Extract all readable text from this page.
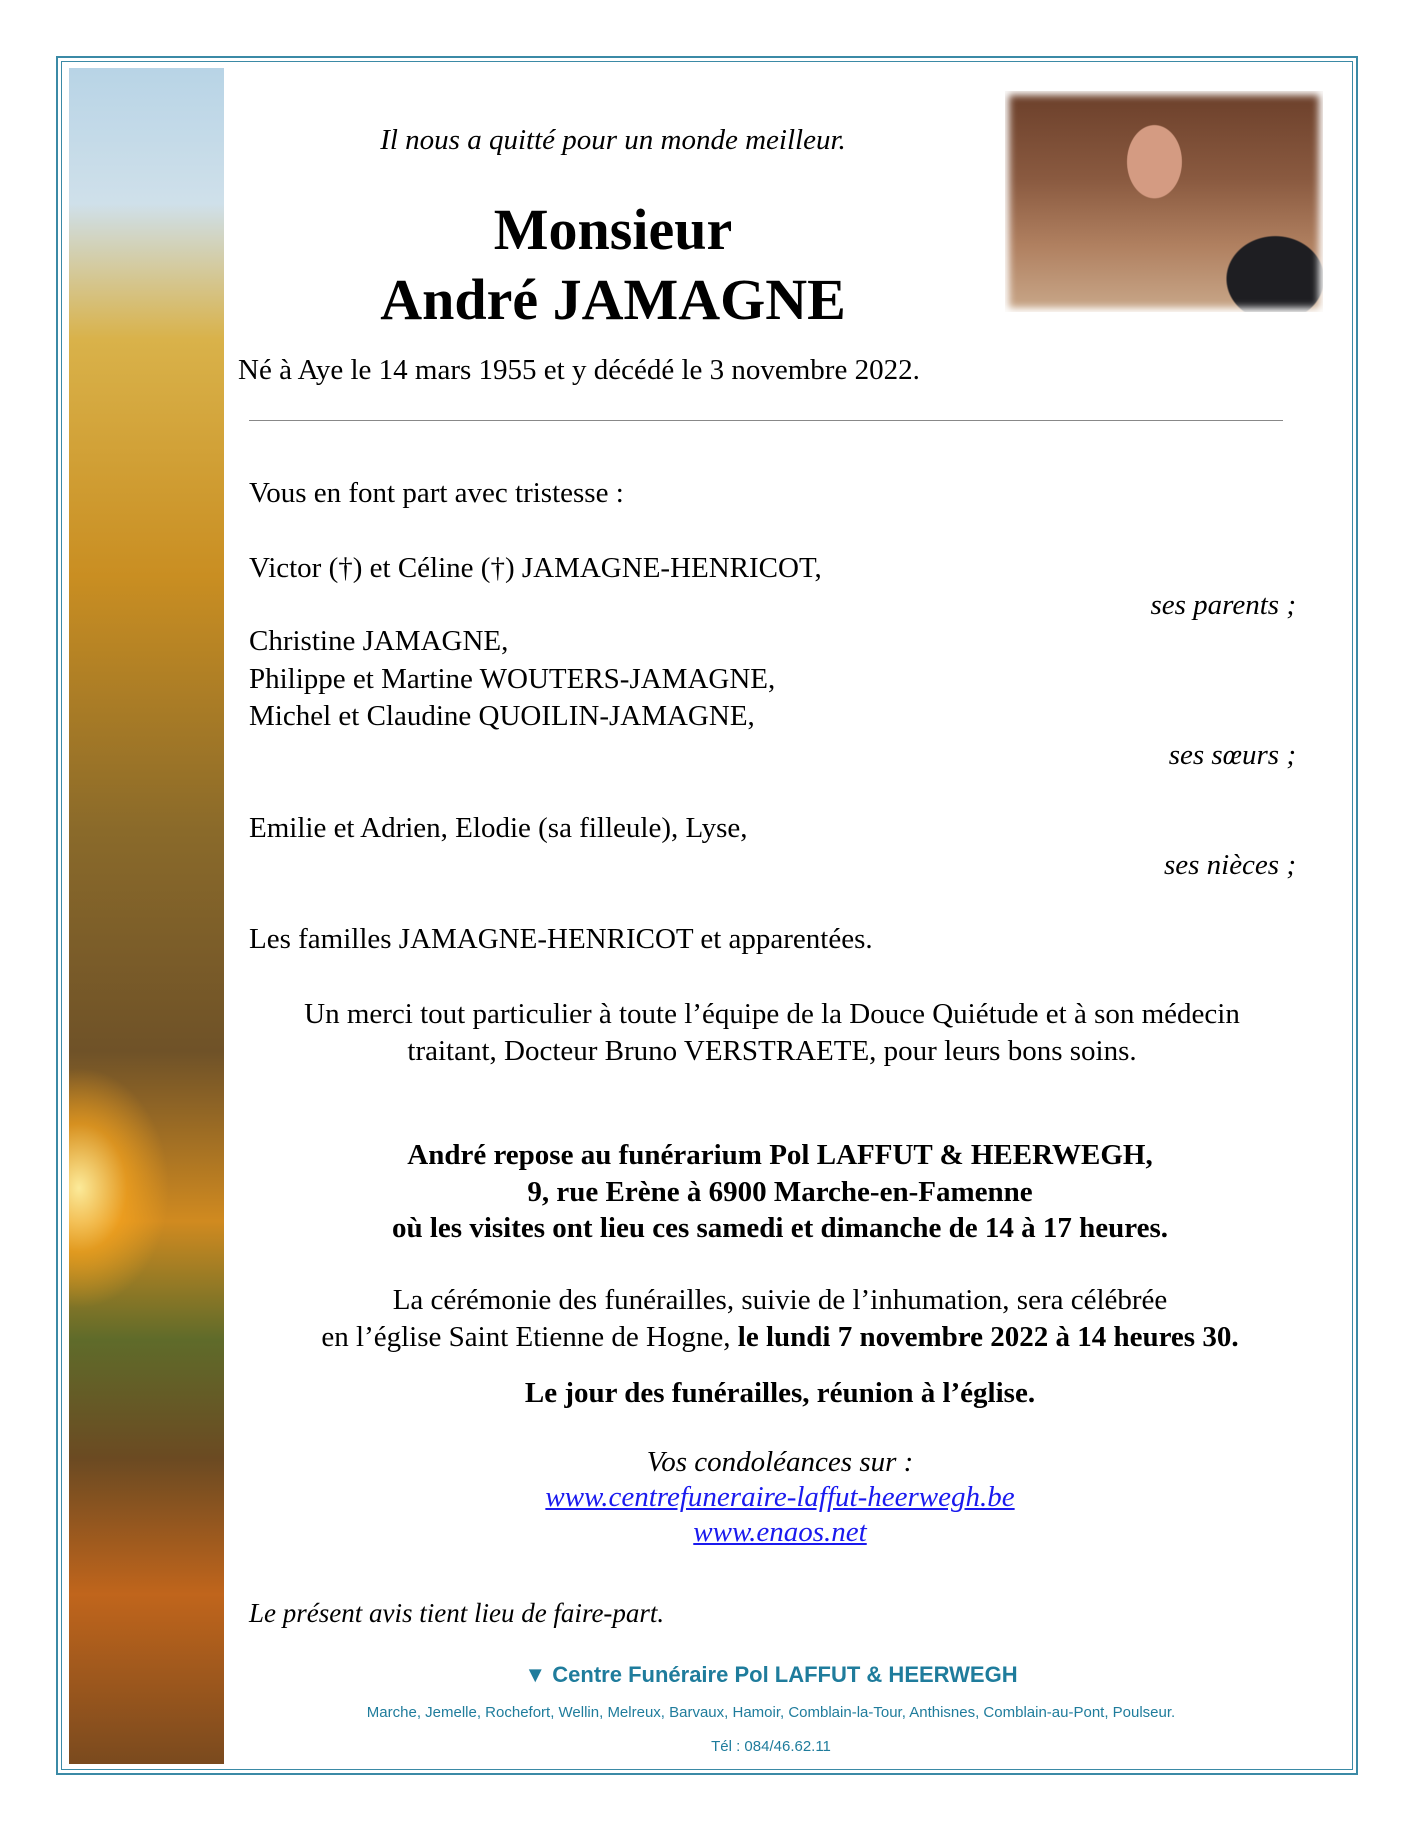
Il nous a quitté pour un monde meilleur.
Monsieur
André JAMAGNE
Né à Aye le 14 mars 1955 et y décédé le 3 novembre 2022.
Vous en font part avec tristesse :
Victor (†) et Céline (†) JAMAGNE-HENRICOT,
ses parents ;
Christine JAMAGNE,
Philippe et Martine WOUTERS-JAMAGNE,
Michel et Claudine QUOILIN-JAMAGNE,
ses sœurs ;
Emilie et Adrien, Elodie (sa filleule), Lyse,
ses nièces ;
Les familles JAMAGNE-HENRICOT et apparentées.
Un merci tout particulier à toute l’équipe de la Douce Quiétude et à son médecin
traitant, Docteur Bruno VERSTRAETE, pour leurs bons soins.
André repose au funérarium Pol LAFFUT & HEERWEGH,
9, rue Erène à 6900 Marche-en-Famenne
où les visites ont lieu ces samedi et dimanche de 14 à 17 heures.
La cérémonie des funérailles, suivie de l’inhumation, sera célébrée
en l’église Saint Etienne de Hogne, le lundi 7 novembre 2022 à 14 heures 30.
Le jour des funérailles, réunion à l’église.
Vos condoléances sur :
www.centrefuneraire-laffut-heerwegh.be
www.enaos.net
Le présent avis tient lieu de faire-part.
▼ Centre Funéraire Pol LAFFUT & HEERWEGH
Marche, Jemelle, Rochefort, Wellin, Melreux, Barvaux, Hamoir, Comblain-la-Tour, Anthisnes, Comblain-au-Pont, Poulseur.
Tél : 084/46.62.11
